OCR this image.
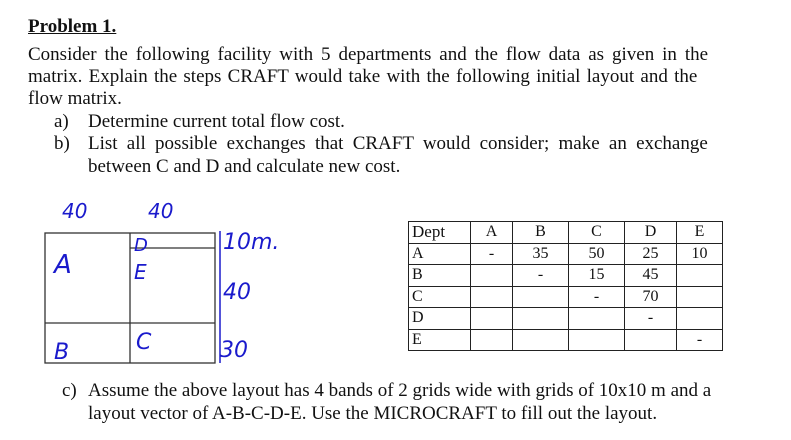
Problem 1.
Consider the following facility with 5 departments and the flow data as given in the
matrix. Explain the steps CRAFT would take with the following initial layout and the
flow matrix.
a) Determine current total flow cost.
b) List all possible exchanges that CRAFT would consider; make an exchange
between C and D and calculate new cost.
40	40
A
D
E
B	C
10m.
40
30
Dept	A	B	C	D	E
A	-	35	50	25	10
B		-	15	45	
C			-	70	
D				-	
E					-
c) Assume the above layout has 4 bands of 2 grids wide with grids of 10x10 m and a
layout vector of A-B-C-D-E. Use the MICROCRAFT to fill out the layout.
